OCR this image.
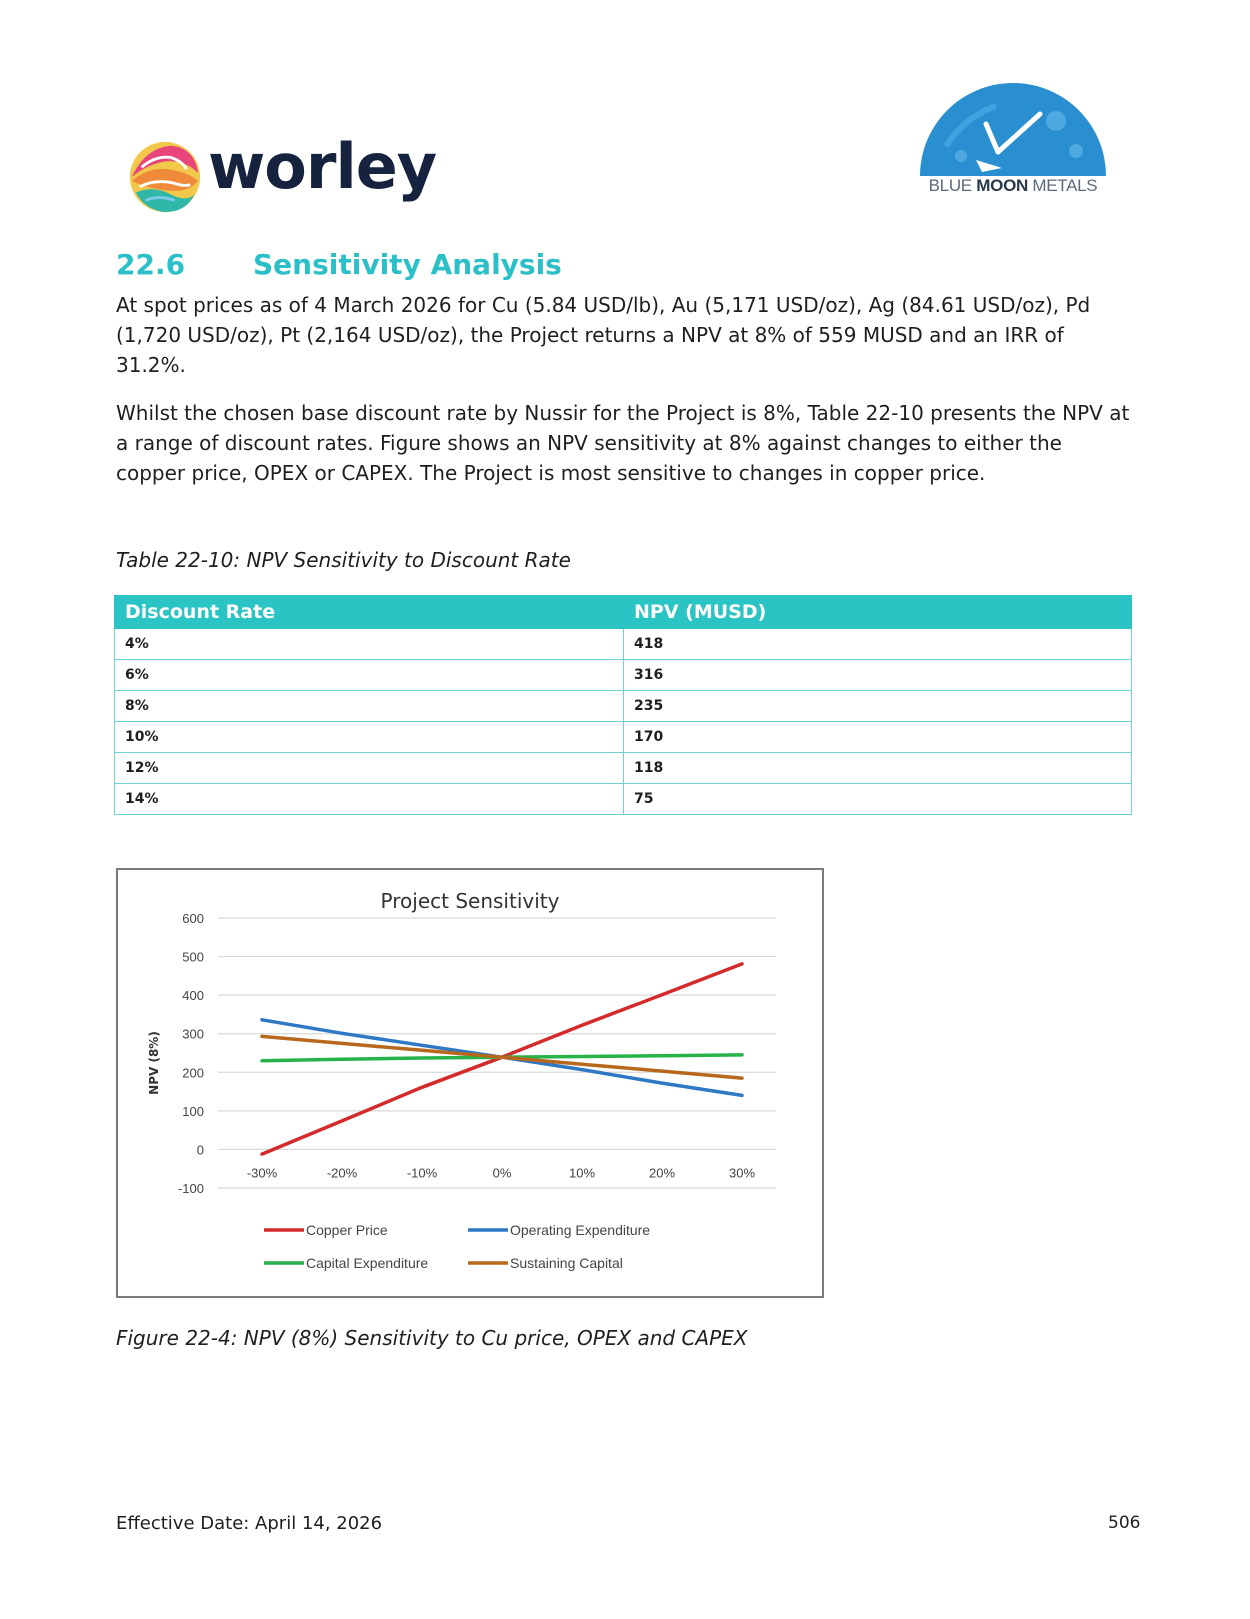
worley	BLUE MOON METALS
22.6 Sensitivity Analysis
At spot prices as of 4 March 2026 for Cu (5.84 USD/lb), Au (5,171 USD/oz), Ag (84.61 USD/oz), Pd (1,720 USD/oz), Pt (2,164 USD/oz), the Project returns a NPV at 8% of 559 MUSD and an IRR of 31.2%.
Whilst the chosen base discount rate by Nussir for the Project is 8%, Table 22-10 presents the NPV at a range of discount rates. Figure shows an NPV sensitivity at 8% against changes to either the copper price, OPEX or CAPEX. The Project is most sensitive to changes in copper price.
Table 22-10: NPV Sensitivity to Discount Rate
Discount Rate	NPV (MUSD)
4%	418
6%	316
8%	235
10%	170
12%	118
14%	75
Project Sensitivity
600
500
400
300
200
100
0
-100
NPV (8%)
-30%	-20%	-10%	0%	10%	20%	30%
Copper Price	Operating Expenditure
Capital Expenditure	Sustaining Capital
Figure 22-4: NPV (8%) Sensitivity to Cu price, OPEX and CAPEX
Effective Date: April 14, 2026	506
